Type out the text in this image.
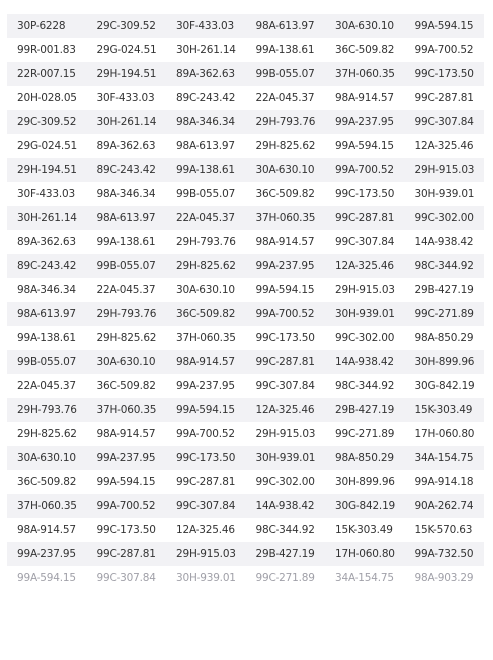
30P-6228	29C-309.52	30F-433.03	98A-613.97	30A-630.10	99A-594.15
99R-001.83	29G-024.51	30H-261.14	99A-138.61	36C-509.82	99A-700.52
22R-007.15	29H-194.51	89A-362.63	99B-055.07	37H-060.35	99C-173.50
20H-028.05	30F-433.03	89C-243.42	22A-045.37	98A-914.57	99C-287.81
29C-309.52	30H-261.14	98A-346.34	29H-793.76	99A-237.95	99C-307.84
29G-024.51	89A-362.63	98A-613.97	29H-825.62	99A-594.15	12A-325.46
29H-194.51	89C-243.42	99A-138.61	30A-630.10	99A-700.52	29H-915.03
30F-433.03	98A-346.34	99B-055.07	36C-509.82	99C-173.50	30H-939.01
30H-261.14	98A-613.97	22A-045.37	37H-060.35	99C-287.81	99C-302.00
89A-362.63	99A-138.61	29H-793.76	98A-914.57	99C-307.84	14A-938.42
89C-243.42	99B-055.07	29H-825.62	99A-237.95	12A-325.46	98C-344.92
98A-346.34	22A-045.37	30A-630.10	99A-594.15	29H-915.03	29B-427.19
98A-613.97	29H-793.76	36C-509.82	99A-700.52	30H-939.01	99C-271.89
99A-138.61	29H-825.62	37H-060.35	99C-173.50	99C-302.00	98A-850.29
99B-055.07	30A-630.10	98A-914.57	99C-287.81	14A-938.42	30H-899.96
22A-045.37	36C-509.82	99A-237.95	99C-307.84	98C-344.92	30G-842.19
29H-793.76	37H-060.35	99A-594.15	12A-325.46	29B-427.19	15K-303.49
29H-825.62	98A-914.57	99A-700.52	29H-915.03	99C-271.89	17H-060.80
30A-630.10	99A-237.95	99C-173.50	30H-939.01	98A-850.29	34A-154.75
36C-509.82	99A-594.15	99C-287.81	99C-302.00	30H-899.96	99A-914.18
37H-060.35	99A-700.52	99C-307.84	14A-938.42	30G-842.19	90A-262.74
98A-914.57	99C-173.50	12A-325.46	98C-344.92	15K-303.49	15K-570.63
99A-237.95	99C-287.81	29H-915.03	29B-427.19	17H-060.80	99A-732.50
99A-594.15	99C-307.84	30H-939.01	99C-271.89	34A-154.75	98A-903.29
